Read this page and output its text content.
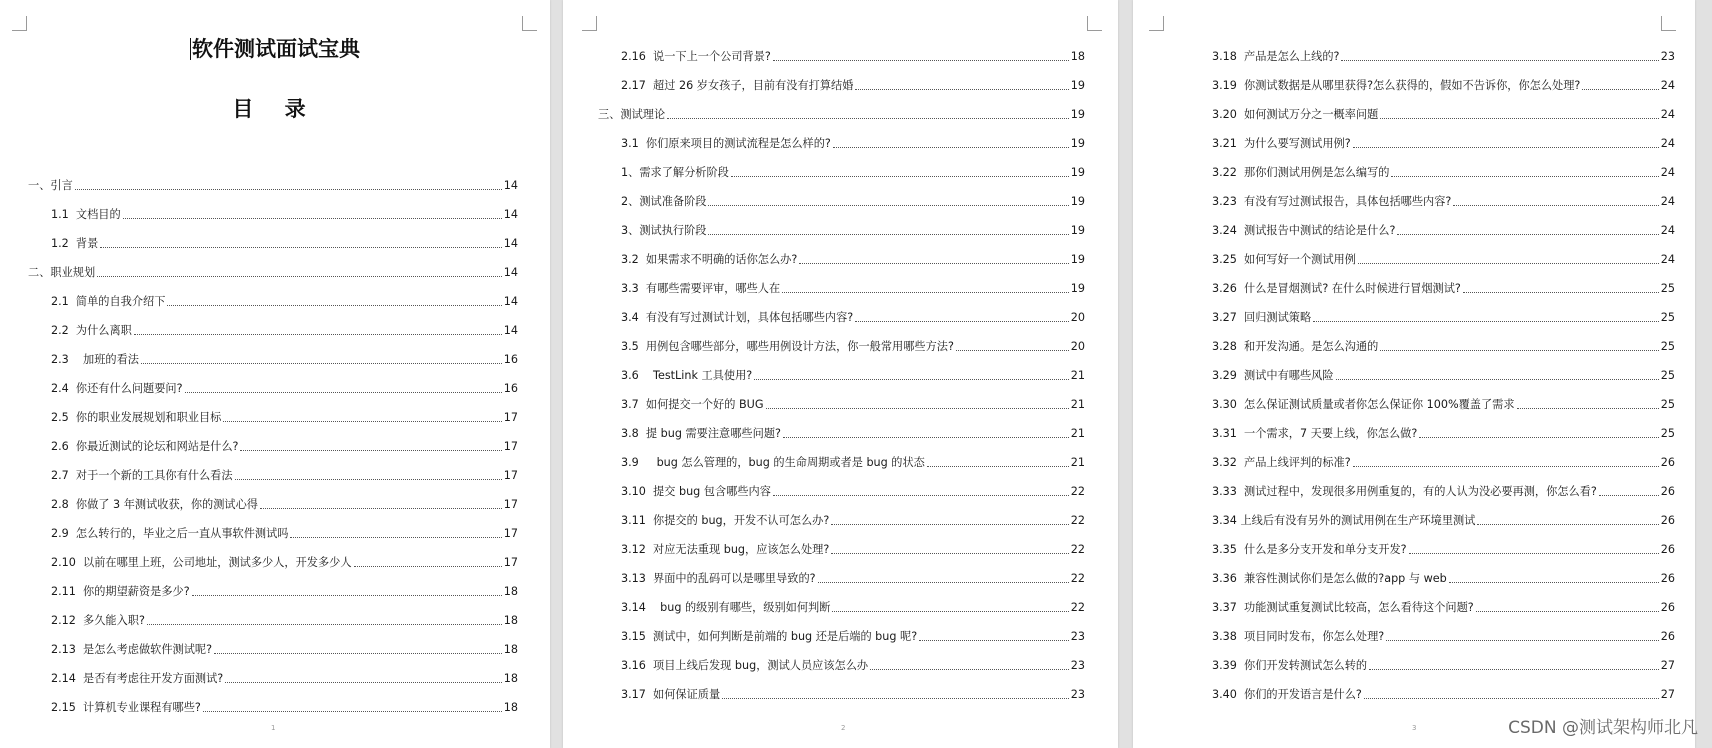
软件测试面试宝典
目 录
一、 引言	14
1.1 文档目的	14
1.2 背景	14
二、 职业规划	14
2.1 简单的自我介绍下	14
2.2 为什么离职	14
2.3 加班的看法	16
2.4 你还有什么问题要问?	16
2.5 你的职业发展规划和职业目标	17
2.6 你最近测试的论坛和网站是什么?	17
2.7 对于一个新的工具你有什么看法	17
2.8 你做了 3 年测试收获，你的测试心得	17
2.9 怎么转行的，毕业之后一直从事软件测试吗	17
2.10 以前在哪里上班，公司地址，测试多少人，开发多少人	17
2.11 你的期望薪资是多少?	18
2.12 多久能入职?	18
2.13 是怎么考虑做软件测试呢?	18
2.14 是否有考虑往开发方面测试?	18
2.15 计算机专业课程有哪些?	18
1
2.16 说一下上一个公司背景?	18
2.17 超过 26 岁女孩子，目前有没有打算结婚	19
三、 测试理论	19
3.1 你们原来项目的测试流程是怎么样的?	19
1、 需求了解分析阶段	19
2、 测试准备阶段	19
3、 测试执行阶段	19
3.2 如果需求不明确的话你怎么办?	19
3.3 有哪些需要评审，哪些人在	19
3.4 有没有写过测试计划，具体包括哪些内容?	20
3.5 用例包含哪些部分，哪些用例设计方法，你一般常用哪些方法?	20
3.6 TestLink 工具使用?	21
3.7 如何提交一个好的 BUG	21
3.8 提 bug 需要注意哪些问题?	21
3.9 bug 怎么管理的，bug 的生命周期或者是 bug 的状态	21
3.10 提交 bug 包含哪些内容	22
3.11 你提交的 bug，开发不认可怎么办?	22
3.12 对应无法重现 bug，应该怎么处理?	22
3.13 界面中的乱码可以是哪里导致的?	22
3.14 bug 的级别有哪些，级别如何判断	22
3.15 测试中，如何判断是前端的 bug 还是后端的 bug 呢?	23
3.16 项目上线后发现 bug，测试人员应该怎么办	23
3.17 如何保证质量	23
2
3.18 产品是怎么上线的?	23
3.19 你测试数据是从哪里获得?怎么获得的，假如不告诉你，你怎么处理?	24
3.20 如何测试万分之一概率问题	24
3.21 为什么要写测试用例?	24
3.22 那你们测试用例是怎么编写的	24
3.23 有没有写过测试报告，具体包括哪些内容?	24
3.24 测试报告中测试的结论是什么?	24
3.25 如何写好一个测试用例	24
3.26 什么是冒烟测试? 在什么时候进行冒烟测试?	25
3.27 回归测试策略	25
3.28 和开发沟通。是怎么沟通的	25
3.29 测试中有哪些风险	25
3.30 怎么保证测试质量或者你怎么保证你 100%覆盖了需求	25
3.31 一个需求，7 天要上线，你怎么做?	25
3.32 产品上线评判的标准?	26
3.33 测试过程中，发现很多用例重复的，有的人认为没必要再测，你怎么看?	26
3.34 上线后有没有另外的测试用例在生产环境里测试	26
3.35 什么是多分支开发和单分支开发?	26
3.36 兼容性测试你们是怎么做的?app 与 web	26
3.37 功能测试重复测试比较高，怎么看待这个问题?	26
3.38 项目同时发布，你怎么处理?	26
3.39 你们开发转测试怎么转的	27
3.40 你们的开发语言是什么?	27
3	CSDN @测试架构师北凡
